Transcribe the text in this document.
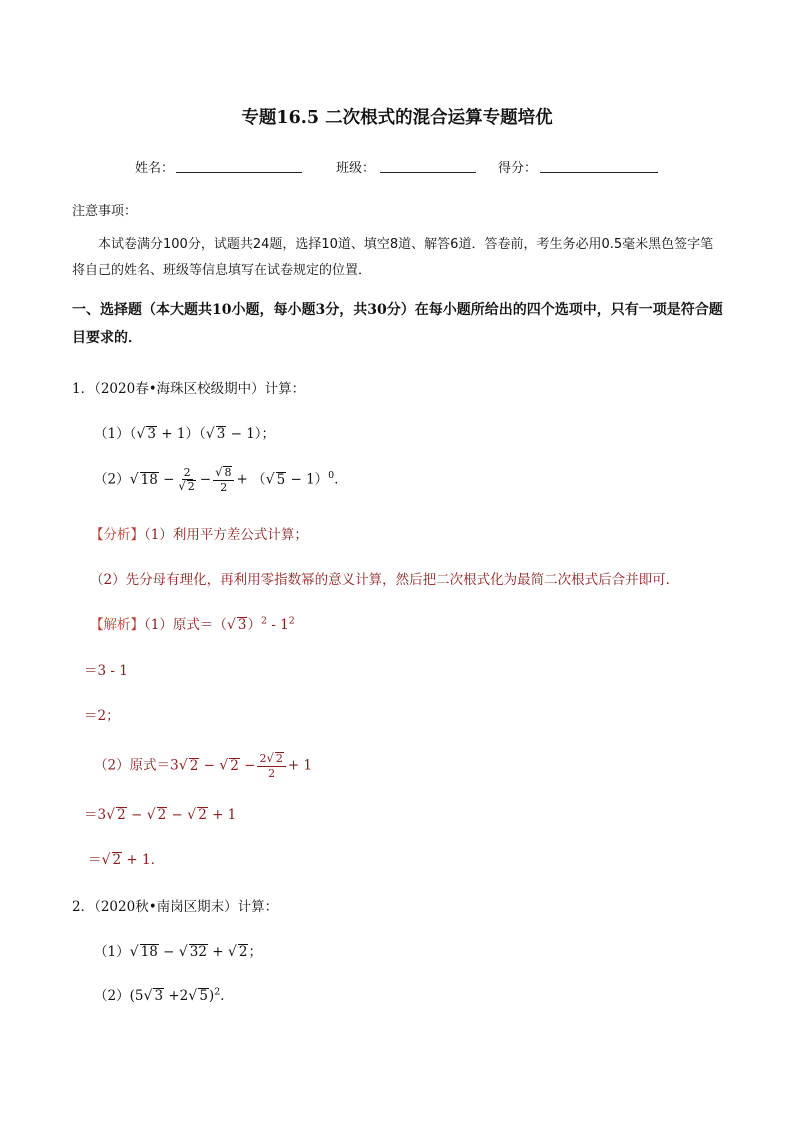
专题16.5 二次根式的混合运算专题培优
姓名：	班级：	得分：
注意事项：
本试卷满分100分，试题共24题，选择10道、填空8道、解答6道．答卷前，考生务必用0.5毫米黑色签字笔将自己的姓名、班级等信息填写在试卷规定的位置．
一、选择题（本大题共10小题，每小题3分，共30分）在每小题所给出的四个选项中，只有一项是符合题目要求的．
1．（2020春•海珠区校级期中）计算：
（1）（√ 3 + 1）（√ 3 − 1）；
（2）√ $18 - \frac{2}{√ 2} - \frac{√ 8}{2}$ + （√ 5 − 1）$^0$．
【分析】（1）利用平方差公式计算；
（2）先分母有理化，再利用零指数幂的意义计算，然后把二次根式化为最简二次根式后合并即可．
【解析】（1）原式＝（√ $3)^2 - 1^2$
＝3 - 1
＝2；
（2）原式＝3√ 2 − √ $2 - \frac{2√ 2}{2} + 1$
＝3√ 2 − √ 2 − √ 2 + 1
＝√ 2 + 1．
2．（2020秋•南岗区期末）计算：
（1）√ 18 − √ 32 + √ 2；
（2）(5√ 3 +2√ 5)$^2$．
